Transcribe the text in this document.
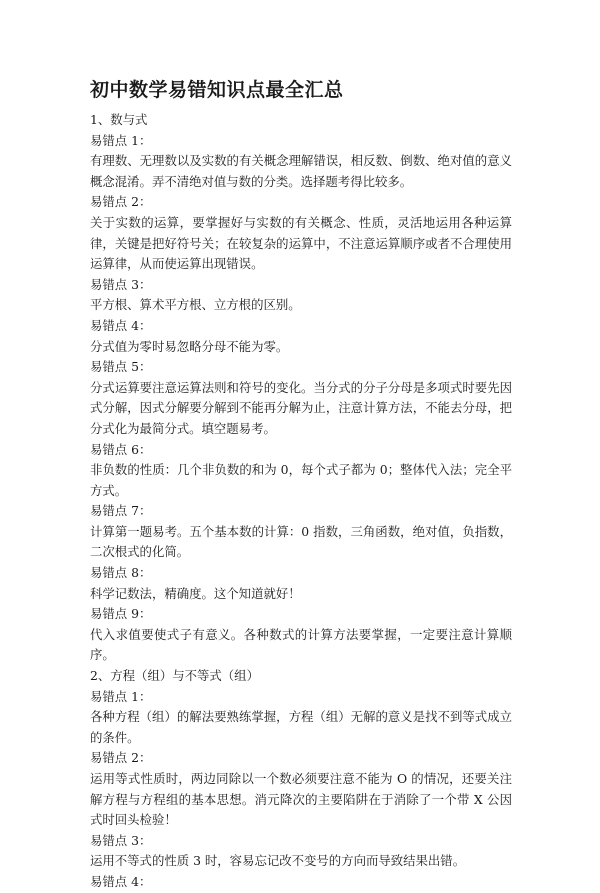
初中数学易错知识点最全汇总
1、数与式
易错点 1：
有理数、无理数以及实数的有关概念理解错误，相反数、倒数、绝对值的意义概念混淆。弄不清绝对值与数的分类。选择题考得比较多。
易错点 2：
关于实数的运算，要掌握好与实数的有关概念、性质，灵活地运用各种运算律，关键是把好符号关；在较复杂的运算中，不注意运算顺序或者不合理使用运算律，从而使运算出现错误。
易错点 3：
平方根、算术平方根、立方根的区别。
易错点 4：
分式值为零时易忽略分母不能为零。
易错点 5：
分式运算要注意运算法则和符号的变化。当分式的分子分母是多项式时要先因式分解，因式分解要分解到不能再分解为止，注意计算方法，不能去分母，把分式化为最简分式。填空题易考。
易错点 6：
非负数的性质：几个非负数的和为 0，每个式子都为 0；整体代入法；完全平方式。
易错点 7：
计算第一题易考。五个基本数的计算：0 指数，三角函数，绝对值，负指数，二次根式的化简。
易错点 8：
科学记数法，精确度。这个知道就好！
易错点 9：
代入求值要使式子有意义。各种数式的计算方法要掌握，一定要注意计算顺序。
2、方程（组）与不等式（组）
易错点 1：
各种方程（组）的解法要熟练掌握，方程（组）无解的意义是找不到等式成立的条件。
易错点 2：
运用等式性质时，两边同除以一个数必须要注意不能为 O 的情况，还要关注解方程与方程组的基本思想。消元降次的主要陷阱在于消除了一个带 X 公因式时回头检验！
易错点 3：
运用不等式的性质 3 时，容易忘记改不变号的方向而导致结果出错。
易错点 4：
